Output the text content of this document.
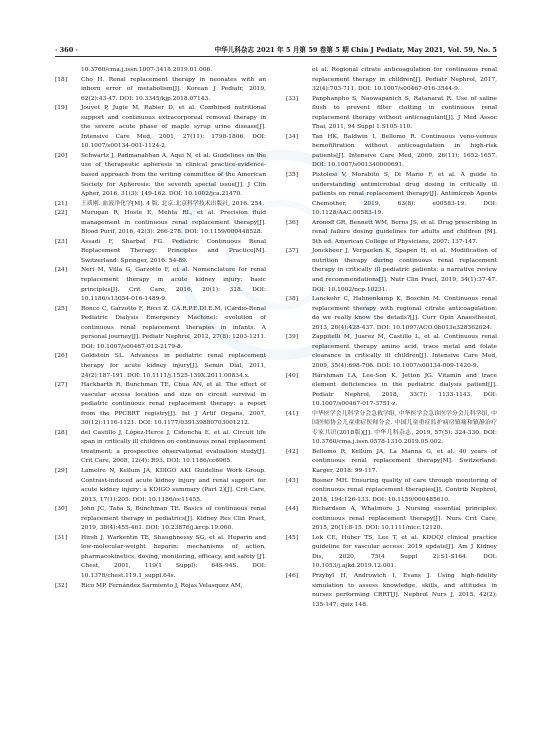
· 360 ·	中华儿科杂志 2021 年 5 月第 59 卷第 5 期 Chin J Pediatr, May 2021, Vol. 59, No. 5

10.3760/cma.j.issn.1007-3418.2019.01.006.

[18] Cho H. Renal replacement therapy in neonates with an inborn error of metabolism[J]. Korean J Pediatr, 2019, 62(2):43-47. DOI: 10.3345/kjp.2018.07143.

[19] Jouvet P, Jugie M, Rabier D, et al. Combined nutritional support and continuous extracorporeal removal therapy in the severe acute phase of maple syrup urine disease[J]. Intensive Care Med, 2001, 27(11): 1798-1806. DOI: 10.1007/s00134-001-1124-2.

[20] Schwartz J, Padmanabhan A, Aqui N, et al. Guidelines on the use of therapeutic apheresis in clinical practice-evidence-based approach from the writing committee of the American Society for Apheresis: the seventh special issue[J]. J Clin Apher, 2016, 31(3): 149-162. DOI: 10.1002/jca.21470.

[21] 王质刚. 血液净化学[M]. 4 版. 北京:北京科学技术出版社, 2016: 254.

[22] Murugan R, Hoste E, Mehta RL, et al. Precision fluid management in continuous renal replacement therapy[J]. Blood Purif, 2016, 42(3): 266-278. DOI: 10.1159/000448528.

[23] Assadi F, Sharbaf FG. Pediatric Continuous Renal Replacement Therapy: Principles and Practice[M]. Switzerland: Springer, 2016: 54-89.

[24] Neri M, Villa G, Garzotto F, et al. Nomenclature for renal replacement therapy in acute kidney injury: basic principles[J]. Crit Care, 2016, 20(1): 318. DOI: 10.1186/s13054-016-1489-9.

[25] Ronco C, Garzotto F, Ricci Z. CA.R.P.E.DI.E.M. (Cardio-Renal Pediatric Dialysis Emergency Machine): evolution of continuous renal replacement therapies in infants. A personal journey[J]. Pediatr Nephrol, 2012, 27(8): 1203-1211. DOI: 10.1007/s00467-012-2179-8.

[26] Goldstein SL. Advances in pediatric renal replacement therapy for acute kidney injury[J]. Semin Dial, 2011, 24(2):187-191. DOI: 10.1111/j.1525-139X.2011.00834.x.

[27] Hackbarth R, Bunchman TE, Chua AN, et al. The effect of vascular access location and size on circuit survival in pediatric continuous renal replacement therapy: a report from the PPCRRT registry[J]. Int J Artif Organs, 2007, 30(12):1116-1121. DOI: 10.1177/039139880703001212.

[28] del Castillo J, López-Herce J, Cidoncha E, et al. Circuit life span in critically ill children on continuous renal replacement treatment: a prospective observational evaluation study[J]. Crit Care, 2008, 12(4): R93. DOI: 10.1186/cc6965.

[29] Lameire N, Kellum JA, KDIGO AKI Guideline Work Group. Contrast-induced acute kidney injury and renal support for acute kidney injury: a KDIGO summary (Part 2)[J]. Crit Care, 2013, 17(1):205. DOI: 10.1186/cc11455.

[30] John JC, Taha S, Bunchman TE. Basics of continuous renal replacement therapy in pediatrics[J]. Kidney Res Clin Pract, 2019, 38(4):455-461. DOI: 10.23876/j.krcp.19.060.

[31] Hirsh J, Warkentin TE, Shaughnessy SG, et al. Heparin and low-molecular-weight heparin: mechanisms of action, pharmacokinetics, dosing, monitoring, efficacy, and safety [J]. Chest, 2001, 119(1 Suppl): 64S-94S. DOI: 10.1378/chest.119.1_suppl.64s.

[32] Rico MP, Fernández Sarmiento J, Rojas Velasquez AM,

et al. Regional citrate anticoagulation for continuous renal replacement therapy in children[J]. Pediatr Nephrol, 2017, 32(4):703-711. DOI: 10.1007/s00467-016-3544-9.

[33] Panphanpho S, Naowapanich S, Ratanarat R. Use of saline flush to prevent filter clotting in continuous renal replacement therapy without anticoagulant[J]. J Med Assoc Thai, 2011, 94 Suppl 1:S105-110.

[34] Tan HK, Baldwin I, Bellomo R. Continuous veno-venous hemofiltration without anticoagulation in high-risk patients[J]. Intensive Care Med, 2000, 26(11): 1652-1657. DOI: 10.1007/s001340000691.

[35] Pistolesi V, Morabito S, Di Mario F, et al. A guide to understanding antimicrobial drug dosing in critically ill patients on renal replacement therapy[J]. Antimicrob Agents Chemother, 2019, 63(8): e00583-19. DOI: 10.1128/AAC.00583-19.

[36] Aronoff GR, Bennett WM, Berns JS, et al. Drug prescribing in renal failure dosing guidelines for adults and children [M]. 5th ed. American College of Physicians, 2007: 137-147.

[37] Jonckheer J, Vergaelen K, Spapen H, et al. Modification of nutrition therapy during continuous renal replacement therapy in critically ill pediatric patients: a narrative review and recommendations[J]. Nutr Clin Pract, 2019, 34(1):37-47. DOI: 10.1002/ncp.10231.

[38] Lanckohr C, Hahnenkamp K, Boschin M. Continuous renal replacement therapy with regional citrate anticoagulation: do we really know the details?[J]. Curr Opin Anaesthesiol, 2013, 26(4):428-437. DOI: 10.1097/ACO.0b013e328362024.

[39] Zappitelli M, Juarez M, Castillo L, et al. Continuous renal replacement therapy amino acid, trace metal and folate clearance in critically ill children[J]. Intensive Care Med, 2009, 35(4):698-706. DOI: 10.1007/s00134-009-1420-9.

[40] Harshman LA, Lee-Son K, Jetton JG. Vitamin and trace element deficiencies in the pediatric dialysis patient[J]. Pediatr Nephrol, 2018, 33(7): 1133-1143. DOI: 10.1007/s00467-017-3751-z.

[41] 中华医学会儿科学分会急救学组, 中华医学会急诊医学分会儿科学组, 中国医师协会儿童重症医师分会. 中国儿童重症监护病房镇痛和镇静治疗专家共识(2018版)[J]. 中华儿科杂志, 2019, 57(5): 324-330. DOI: 10.3760/cma.j.issn.0578-1310.2019.05.002.

[42] Bellomo R, Kellum JA, La Manna G, et al. 40 years of continuous renal replacement therapy[M]. Switzerland: Karger, 2018: 99-117.

[43] Rosner MH. Ensuring quality of care through monitoring of continuous renal replacement therapies[J]. Contrib Nephrol, 2018, 194:126-133. DOI: 10.1159/000485610.

[44] Richardson A, Whatmore J. Nursing essential principles: continuous renal replacement therapy[J]. Nurs Crit Care, 2015, 20(1):8-15. DOI: 10.1111/nicc.12120.

[45] Lok CE, Huber TS, Lee T, et al. KDOQI clinical practice guideline for vascular access: 2019 update[J]. Am J Kidney Dis, 2020, 75(4 Suppl 2):S1-S164. DOI: 10.1053/j.ajkd.2019.12.001.

[46] Przybyl H, Androwich I, Evans J. Using high-fidelity simulation to assess knowledge, skills, and attitudes in nurses performing CRRT[J]. Nephrol Nurs J, 2015, 42(2): 135-147; quiz 148.
